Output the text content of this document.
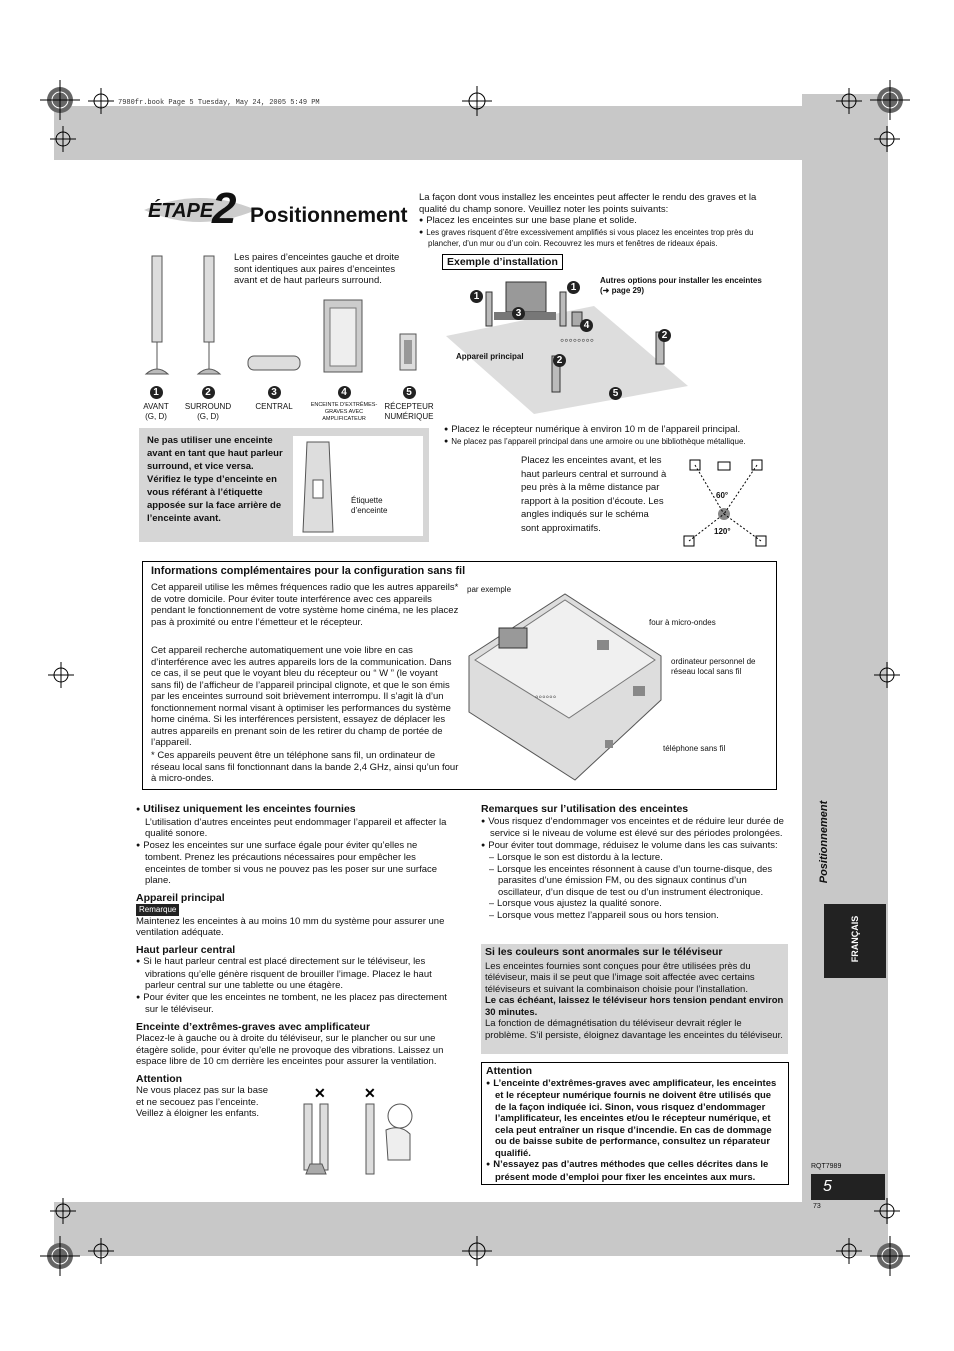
7980fr.book Page 5 Tuesday, May 24, 2005 5:49 PM
ÉTAPE
2 Positionnement

La façon dont vous installez les enceintes peut affecter le rendu des graves et la qualité du champ sonore. Veuillez noter les points suivants:

● Placez les enceintes sur une base plane et solide.
● Les graves risquent d’être excessivement amplifiés si vous placez les enceintes trop près du plancher, d’un mur ou d’un coin. Recouvrez les murs et fenêtres de rideaux épais.
Les paires d’enceintes gauche et droite sont identiques aux paires d’enceintes avant et de haut parleurs surround.
1
AVANT
(G, D)
2
SURROUND
(G, D)
3
CENTRAL
4
ENCEINTE D’EXTRÊMES-
GRAVES AVEC AMPLIFICATEUR
5
RÉCEPTEUR
NUMÉRIQUE
Exemple d’installation
Autres options pour installer les enceintes (➜ page 29)
◦◦◦◦◦◦◦◦
1
1
3
4
2
2
5
Appareil principal
● Placez le récepteur numérique à environ 10 m de l’appareil principal.
● Ne placez pas l’appareil principal dans une armoire ou une bibliothèque métallique.
Ne pas utiliser une enceinte avant en tant que haut parleur surround, et vice versa. Vérifiez le type d’enceinte en vous référant à l’étiquette apposée sur la face arrière de l’enceinte avant.
Étiquette d’enceinte
Placez les enceintes avant, et les haut parleurs central et surround à peu près à la même distance par rapport à la position d’écoute. Les angles indiqués sur le schéma sont approximatifs.
60°
120°
Informations complémentaires pour la configuration sans fil
Cet appareil utilise les mêmes fréquences radio que les autres appareils* de votre domicile. Pour éviter toute interférence avec ces appareils pendant le fonctionnement de votre système home cinéma, ne les placez pas à proximité ou entre l’émetteur et le récepteur.
Cet appareil recherche automatiquement une voie libre en cas d’interférence avec les autres appareils lors de la communication. Dans ce cas, il se peut que le voyant bleu du récepteur ou “ W ” (le voyant sans fil) de l’afficheur de l’appareil principal clignote, et que le son émis par les enceintes surround soit brièvement interrompu. Il s’agit là d’un fonctionnement normal visant à optimiser les performances du système home cinéma. Si les interférences persistent, essayez de déplacer les autres appareils en prenant soin de les retirer du champ de portée de l’appareil.
* Ces appareils peuvent être un téléphone sans fil, un ordinateur de réseau local sans fil fonctionnant dans la bande 2,4 GHz, ainsi qu’un four à micro-ondes.
par exemple
◦◦◦◦◦◦
four à micro-ondes
ordinateur personnel de réseau local sans fil
téléphone sans fil
● Utilisez uniquement les enceintes fournies

L’utilisation d’autres enceintes peut endommager l’appareil et affecter la qualité sonore.

● Posez les enceintes sur une surface égale pour éviter qu’elles ne tombent. Prenez les précautions nécessaires pour empêcher les enceintes de tomber si vous ne pouvez pas les poser sur une surface plane.

Appareil principal

Remarque

Maintenez les enceintes à au moins 10 mm du système pour assurer une ventilation adéquate.

Haut parleur central

● Si le haut parleur central est placé directement sur le téléviseur, les vibrations qu’elle génère risquent de brouiller l’image. Placez le haut parleur central sur une tablette ou une étagère.
● Pour éviter que les enceintes ne tombent, ne les placez pas directement sur le téléviseur.

Enceinte d’extrêmes-graves avec amplificateur

Placez-le à gauche ou à droite du téléviseur, sur le plancher ou sur une étagère solide, pour éviter qu’elle ne provoque des vibrations. Laissez un espace libre de 10 cm derrière les enceintes pour assurer la ventilation.

Attention

Ne vous placez pas sur la base et ne secouez pas l’enceinte.
Veillez à éloigner les enfants.

✕	✕

Remarques sur l’utilisation des enceintes

● Vous risquez d’endommager vos enceintes et de réduire leur durée de service si le niveau de volume est élevé sur des périodes prolongées.
● Pour éviter tout dommage, réduisez le volume dans les cas suivants:
– Lorsque le son est distordu à la lecture.
– Lorsque les enceintes résonnent à cause d’un tourne-disque, des parasites d’une émission FM, ou des signaux continus d’un oscillateur, d’un disque de test ou d’un instrument électronique.
– Lorsque vous ajustez la qualité sonore.
– Lorsque vous mettez l’appareil sous ou hors tension.

Si les couleurs sont anormales sur le téléviseur

Les enceintes fournies sont conçues pour être utilisées près du téléviseur, mais il se peut que l’image soit affectée avec certains téléviseurs et suivant la combinaison choisie pour l’installation.

Le cas échéant, laissez le téléviseur hors tension pendant environ 30 minutes.

La fonction de démagnétisation du téléviseur devrait régler le problème. S’il persiste, éloignez davantage les enceintes du téléviseur.

Attention

● L’enceinte d’extrêmes-graves avec amplificateur, les enceintes et le récepteur numérique fournis ne doivent être utilisés que de la façon indiquée ici. Sinon, vous risquez d’endommager l’amplificateur, les enceintes et/ou le récepteur numérique, et cela peut entraîner un risque d’incendie. En cas de dommage ou de baisse subite de performance, consultez un réparateur qualifié.
● N’essayez pas d’autres méthodes que celles décrites dans le présent mode d’emploi pour fixer les enceintes aux murs.
Positionnement
FRANÇAIS
RQT7989
5
73
